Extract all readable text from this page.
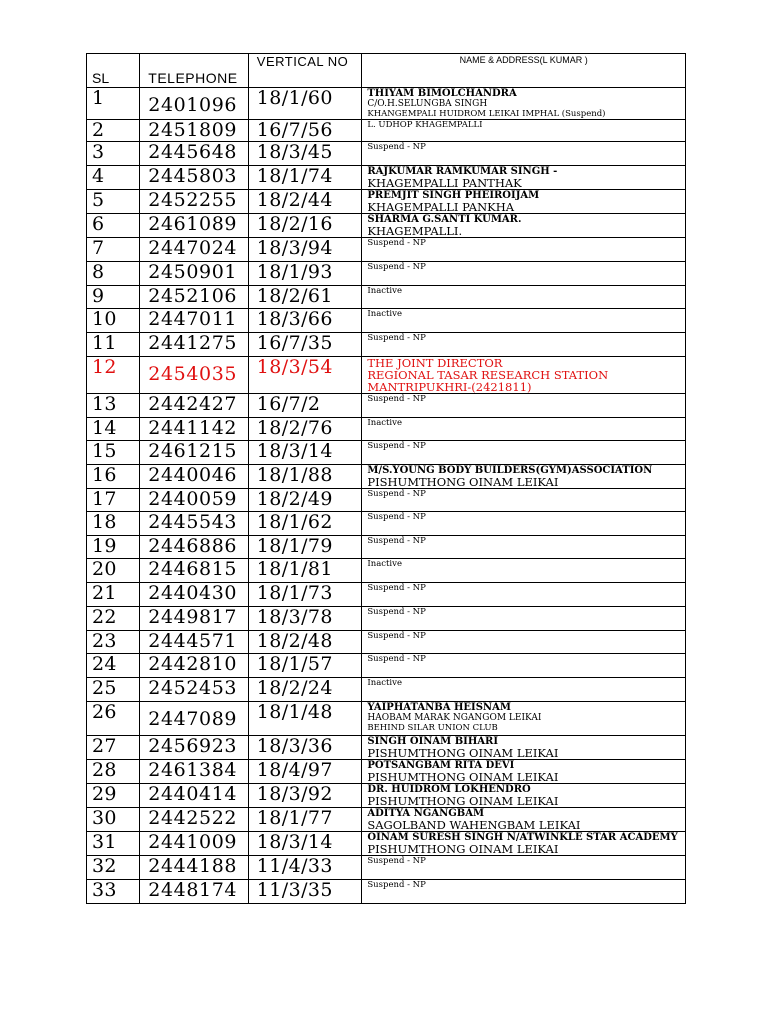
SL	TELEPHONE	VERTICAL NO	NAME & ADDRESS(L KUMAR )
1	2401096	18/1/60	THIYAM BIMOLCHANDRA
C/O.H.SELUNGBA SINGH
KHANGEMPALI HUIDROM LEIKAI IMPHAL (Suspend)

2	2451809	16/7/56	L. UDHOP KHAGEMPALLI

3	2445648	18/3/45	Suspend - NP

4	2445803	18/1/74	RAJKUMAR RAMKUMAR SINGH -
KHAGEMPALLI PANTHAK

5	2452255	18/2/44	PREMJIT SINGH PHEIROIJAM
KHAGEMPALLI PANKHA

6	2461089	18/2/16	SHARMA G.SANTI KUMAR.
KHAGEMPALLI.

7	2447024	18/3/94	Suspend - NP

8	2450901	18/1/93	Suspend - NP

9	2452106	18/2/61	Inactive

10	2447011	18/3/66	Inactive

11	2441275	16/7/35	Suspend - NP

12	2454035	18/3/54	THE JOINT DIRECTOR
REGIONAL TASAR RESEARCH STATION
MANTRIPUKHRI-(2421811)

13	2442427	16/7/2	Suspend - NP

14	2441142	18/2/76	Inactive

15	2461215	18/3/14	Suspend - NP

16	2440046	18/1/88	M/S.YOUNG BODY BUILDERS(GYM)ASSOCIATION
PISHUMTHONG OINAM LEIKAI

17	2440059	18/2/49	Suspend - NP

18	2445543	18/1/62	Suspend - NP

19	2446886	18/1/79	Suspend - NP

20	2446815	18/1/81	Inactive

21	2440430	18/1/73	Suspend - NP

22	2449817	18/3/78	Suspend - NP

23	2444571	18/2/48	Suspend - NP

24	2442810	18/1/57	Suspend - NP

25	2452453	18/2/24	Inactive

26	2447089	18/1/48	YAIPHATANBA HEISNAM
HAOBAM MARAK NGANGOM LEIKAI
BEHIND SILAR UNION CLUB

27	2456923	18/3/36	SINGH OINAM BIHARI
PISHUMTHONG OINAM LEIKAI

28	2461384	18/4/97	POTSANGBAM RITA DEVI
PISHUMTHONG OINAM LEIKAI

29	2440414	18/3/92	DR. HUIDROM LOKHENDRO
PISHUMTHONG OINAM LEIKAI

30	2442522	18/1/77	ADITYA NGANGBAM
SAGOLBAND WAHENGBAM LEIKAI

31	2441009	18/3/14	OINAM SURESH SINGH N/ATWINKLE STAR ACADEMY
PISHUMTHONG OINAM LEIKAI

32	2444188	11/4/33	Suspend - NP

33	2448174	11/3/35	Suspend - NP
